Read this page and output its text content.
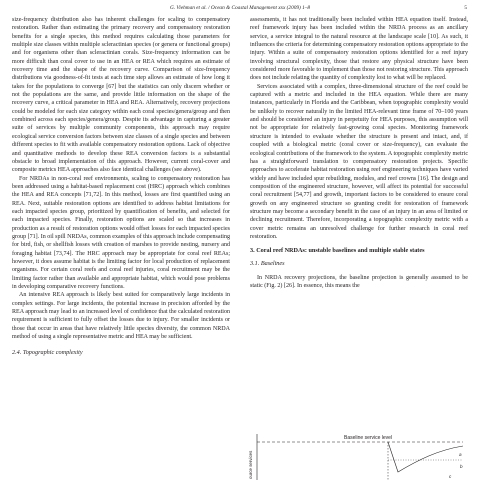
G. Viehman et al. / Ocean & Coastal Management xxx (2009) 1–8	5

size-frequency distribution also has inherent challenges for scaling to compensatory restoration. Rather than estimating the primary recovery and compensatory restoration benefits for a single species, this method requires calculating those parameters for multiple size classes within multiple scleractinian species (or genera or functional groups) and for organisms other than scleractinian corals. Size-frequency information can be more difficult than coral cover to use in an HEA or REA which requires an estimate of recovery time and the shape of the recovery curve. Comparison of size-frequency distributions via goodness-of-fit tests at each time step allows an estimate of how long it takes for the populations to converge [67] but the statistics can only discern whether or not the populations are the same, and provide little information on the shape of the recovery curve, a critical parameter in HEA and REA. Alternatively, recovery projections could be modeled for each size category within each coral species/genera/group and then combined across each species/genera/group. Despite its advantage in capturing a greater suite of services by multiple community components, this approach may require ecological service conversion factors between size classes of a single species and between different species to fit with available compensatory restoration options. Lack of objective and quantitative methods to develop these REA conversion factors is a substantial obstacle to broad implementation of this approach. However, current coral-cover and composite metrics HEA approaches also face identical challenges (see above).

For NRDAs in non-coral reef environments, scaling to compensatory restoration has been addressed using a habitat-based replacement cost (HRC) approach which combines the HEA and REA concepts [71,72]. In this method, losses are first quantified using an REA. Next, suitable restoration options are identified to address habitat limitations for each impacted species group, prioritized by quantification of benefits, and selected for each impacted species. Finally, restoration options are scaled so that increases in production as a result of restoration options would offset losses for each impacted species group [71]. In oil spill NRDAs, common examples of this approach include compensating for bird, fish, or shellfish losses with creation of marshes to provide nesting, nursery and foraging habitat [73,74]. The HRC approach may be appropriate for coral reef REAs; however, it does assume habitat is the limiting factor for local production of replacement organisms. For certain coral reefs and coral reef injuries, coral recruitment may be the limiting factor rather than available and appropriate habitat, which would pose problems in developing comparative recovery functions.

An intensive REA approach is likely best suited for comparatively large incidents in complex settings. For large incidents, the potential increase in precision afforded by the REA approach may lead to an increased level of confidence that the calculated restoration requirement is sufficient to fully offset the losses due to injury. For smaller incidents or those that occur in areas that have relatively little species diversity, the common NRDA method of using a single representative metric and HEA may be sufficient.

2.4. Topographic complexity

assessments, it has not traditionally been included within HEA equation itself. Instead, reef framework injury has been included within the NRDA process as an ancillary service, a service integral to the natural resource at the landscape scale [10]. As such, it influences the criteria for determining compensatory restoration options appropriate to the injury. Within a suite of compensatory restoration options identified for a reef injury involving structural complexity, those that restore any physical structure have been considered more favorable to implement than those not restoring structure. This approach does not include relating the quantity of complexity lost to what will be replaced.

Services associated with a complex, three-dimensional structure of the reef could be captured with a metric and included in the HEA equation. While there are many instances, particularly in Florida and the Caribbean, when topographic complexity would be unlikely to recover naturally in the limited HEA-relevant time frame of 70–100 years and should be considered an injury in perpetuity for HEA purposes, this assumption will not be appropriate for relatively fast-growing coral species. Monitoring framework structure is intended to evaluate whether the structure is present and intact, and, if coupled with a biological metric (coral cover or size-frequency), can evaluate the ecological contributions of the framework to the system. A topographic complexity metric has a straightforward translation to compensatory restoration projects. Specific approaches to accelerate habitat restoration using reef engineering techniques have varied widely and have included spur rebuilding, modules, and reef crowns [16]. The design and composition of the engineered structure, however, will affect its potential for successful coral recruitment [54,77] and growth, important factors to be considered to ensure coral growth on any engineered structure so granting credit for restoration of framework structure may become a secondary benefit in the case of an injury in an area of limited or declining recruitment. Therefore, incorporating a topographic complexity metric with a cover metric remains an unresolved challenge for further research in coral reef restoration.

3. Coral reef NRDAs: unstable baselines and multiple stable states
3.1. Baselines

In NRDA recovery projections, the baseline projection is generally assumed to be static (Fig. 2) [26]. In essence, this means the

ource services
Baseline service level
a
b
c
